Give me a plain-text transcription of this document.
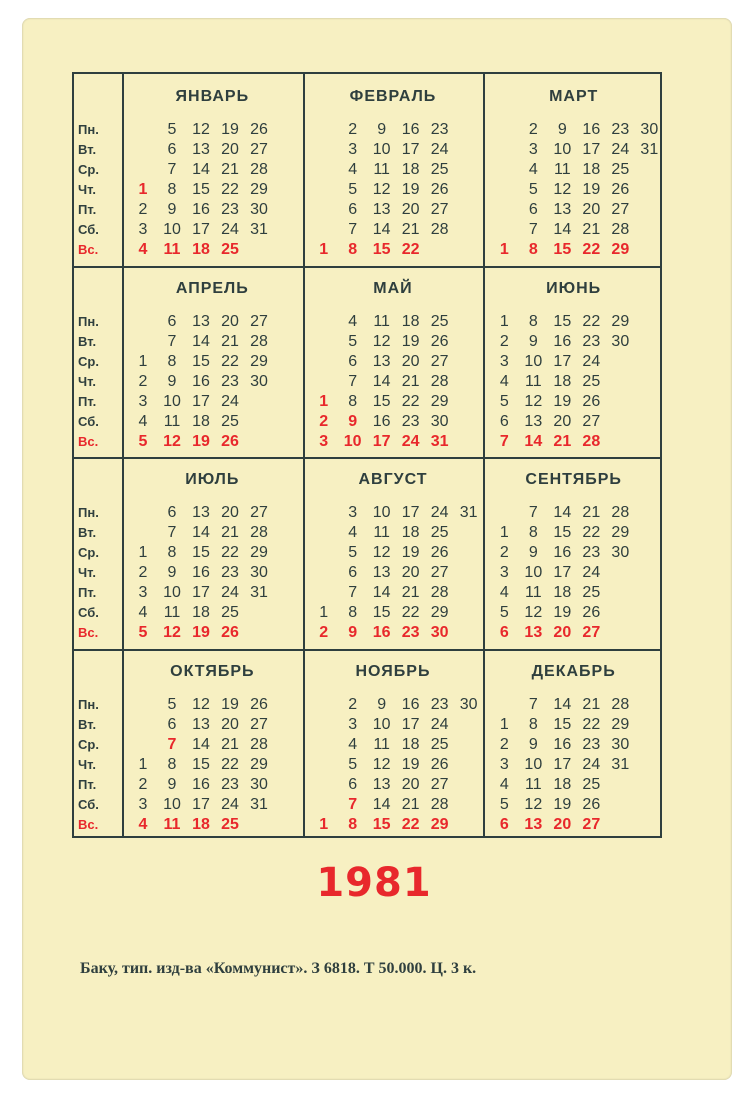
Пн.
Вт.
Ср.
Чт.
Пт.
Сб.
Вс.
ЯНВАРЬ
1
2
3
4
5
6
7
8
9
10
11
12
13
14
15
16
17
18
19
20
21
22
23
24
25
26
27
28
29
30
31
ФЕВРАЛЬ
1
2
3
4
5
6
7
8
9
10
11
12
13
14
15
16
17
18
19
20
21
22
23
24
25
26
27
28
МАРТ
1
2
3
4
5
6
7
8
9
10
11
12
13
14
15
16
17
18
19
20
21
22
23
24
25
26
27
28
29
30
31
Пн.
Вт.
Ср.
Чт.
Пт.
Сб.
Вс.
АПРЕЛЬ
1
2
3
4
5
6
7
8
9
10
11
12
13
14
15
16
17
18
19
20
21
22
23
24
25
26
27
28
29
30
МАЙ
1
2
3
4
5
6
7
8
9
10
11
12
13
14
15
16
17
18
19
20
21
22
23
24
25
26
27
28
29
30
31
ИЮНЬ
1
2
3
4
5
6
7
8
9
10
11
12
13
14
15
16
17
18
19
20
21
22
23
24
25
26
27
28
29
30
Пн.
Вт.
Ср.
Чт.
Пт.
Сб.
Вс.
ИЮЛЬ
1
2
3
4
5
6
7
8
9
10
11
12
13
14
15
16
17
18
19
20
21
22
23
24
25
26
27
28
29
30
31
АВГУСТ
1
2
3
4
5
6
7
8
9
10
11
12
13
14
15
16
17
18
19
20
21
22
23
24
25
26
27
28
29
30
31
СЕНТЯБРЬ
1
2
3
4
5
6
7
8
9
10
11
12
13
14
15
16
17
18
19
20
21
22
23
24
25
26
27
28
29
30
Пн.
Вт.
Ср.
Чт.
Пт.
Сб.
Вс.
ОКТЯБРЬ
1
2
3
4
5
6
7
8
9
10
11
12
13
14
15
16
17
18
19
20
21
22
23
24
25
26
27
28
29
30
31
НОЯБРЬ
1
2
3
4
5
6
7
8
9
10
11
12
13
14
15
16
17
18
19
20
21
22
23
24
25
26
27
28
29
30
ДЕКАБРЬ
1
2
3
4
5
6
7
8
9
10
11
12
13
14
15
16
17
18
19
20
21
22
23
24
25
26
27
28
29
30
31
1981
Баку, тип. изд-ва «Коммунист». З 6818. Т 50.000. Ц. 3 к.
